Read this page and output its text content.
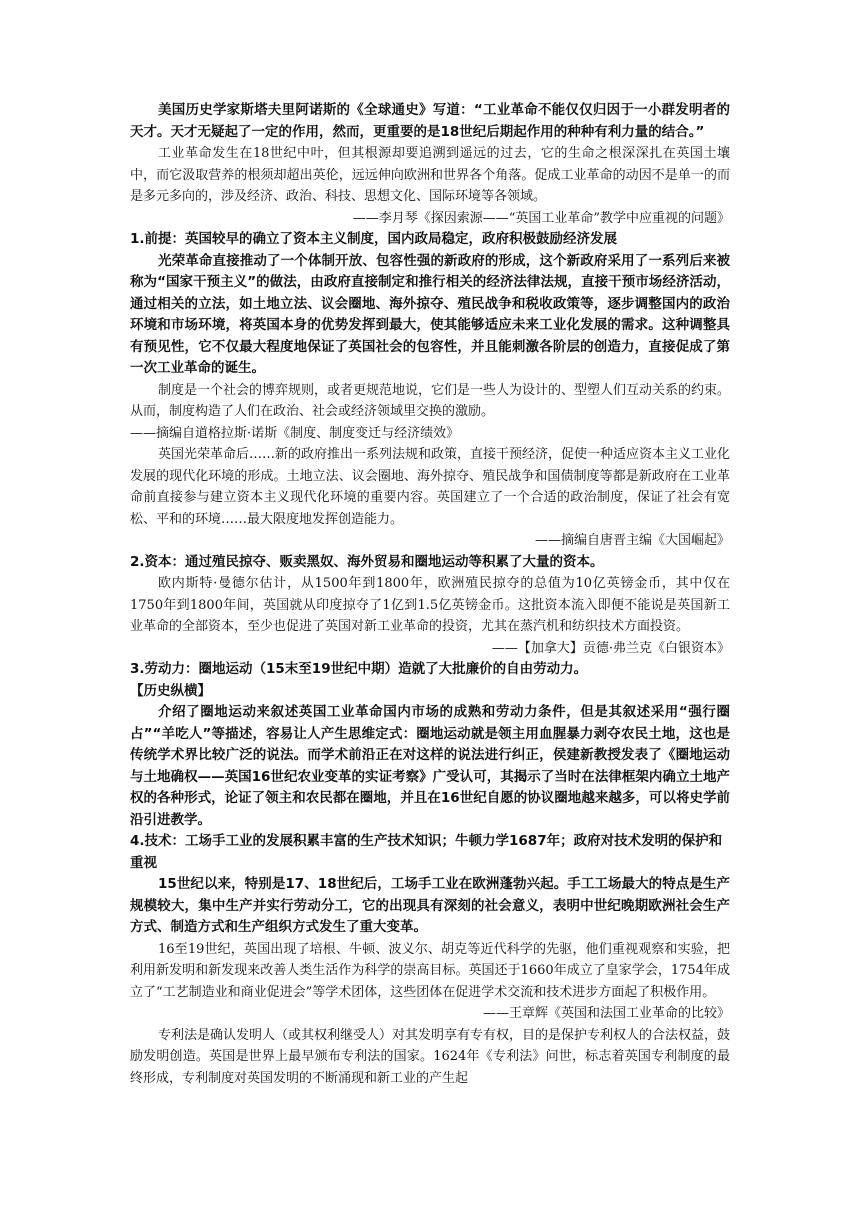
美国历史学家斯塔夫里阿诺斯的《全球通史》写道：“工业革命不能仅仅归因于一小群发明者的天才。天才无疑起了一定的作用，然而，更重要的是18世纪后期起作用的种种有利力量的结合。”

工业革命发生在18世纪中叶，但其根源却要追溯到遥远的过去，它的生命之根深深扎在英国土壤中，而它汲取营养的根须却超出英伦，远远伸向欧洲和世界各个角落。促成工业革命的动因不是单一的而是多元多向的，涉及经济、政治、科技、思想文化、国际环境等各领域。

——李月琴《探因索源——“英国工业革命”教学中应重视的问题》

1.前提：英国较早的确立了资本主义制度，国内政局稳定，政府积极鼓励经济发展

光荣革命直接推动了一个体制开放、包容性强的新政府的形成，这个新政府采用了一系列后来被称为“国家干预主义”的做法，由政府直接制定和推行相关的经济法律法规，直接干预市场经济活动，通过相关的立法，如土地立法、议会圈地、海外掠夺、殖民战争和税收政策等，逐步调整国内的政治环境和市场环境，将英国本身的优势发挥到最大，使其能够适应未来工业化发展的需求。这种调整具有预见性，它不仅最大程度地保证了英国社会的包容性，并且能刺激各阶层的创造力，直接促成了第一次工业革命的诞生。

制度是一个社会的博弈规则，或者更规范地说，它们是一些人为设计的、型塑人们互动关系的约束。从而，制度构造了人们在政治、社会或经济领域里交换的激励。

——摘编自道格拉斯·诺斯《制度、制度变迁与经济绩效》

英国光荣革命后……新的政府推出一系列法规和政策，直接干预经济，促使一种适应资本主义工业化发展的现代化环境的形成。土地立法、议会圈地、海外掠夺、殖民战争和国债制度等都是新政府在工业革命前直接参与建立资本主义现代化环境的重要内容。英国建立了一个合适的政治制度，保证了社会有宽松、平和的环境……最大限度地发挥创造能力。

——摘编自唐晋主编《大国崛起》

2.资本：通过殖民掠夺、贩卖黑奴、海外贸易和圈地运动等积累了大量的资本。

欧内斯特·曼德尔估计，从1500年到1800年，欧洲殖民掠夺的总值为10亿英镑金币，其中仅在1750年到1800年间，英国就从印度掠夺了1亿到1.5亿英镑金币。这批资本流入即便不能说是英国新工业革命的全部资本，至少也促进了英国对新工业革命的投资，尤其在蒸汽机和纺织技术方面投资。

——【加拿大】贡德·弗兰克《白银资本》

3.劳动力：圈地运动（15末至19世纪中期）造就了大批廉价的自由劳动力。

【历史纵横】

介绍了圈地运动来叙述英国工业革命国内市场的成熟和劳动力条件，但是其叙述采用“强行圈占”“羊吃人”等描述，容易让人产生思维定式：圈地运动就是领主用血腥暴力剥夺农民土地，这也是传统学术界比较广泛的说法。而学术前沿正在对这样的说法进行纠正，侯建新教授发表了《圈地运动与土地确权——英国16世纪农业变革的实证考察》广受认可，其揭示了当时在法律框架内确立土地产权的各种形式，论证了领主和农民都在圈地，并且在16世纪自愿的协议圈地越来越多，可以将史学前沿引进教学。

4.技术：工场手工业的发展积累丰富的生产技术知识；牛顿力学1687年；政府对技术发明的保护和重视

15世纪以来，特别是17、18世纪后，工场手工业在欧洲蓬勃兴起。手工工场最大的特点是生产规模较大，集中生产并实行劳动分工，它的出现具有深刻的社会意义，表明中世纪晚期欧洲社会生产方式、制造方式和生产组织方式发生了重大变革。

16至19世纪，英国出现了培根、牛顿、波义尔、胡克等近代科学的先驱，他们重视观察和实验，把利用新发明和新发现来改善人类生活作为科学的崇高目标。英国还于1660年成立了皇家学会，1754年成立了“工艺制造业和商业促进会”等学术团体，这些团体在促进学术交流和技术进步方面起了积极作用。

——王章辉《英国和法国工业革命的比较》

专利法是确认发明人（或其权利继受人）对其发明享有专有权，目的是保护专利权人的合法权益，鼓励发明创造。英国是世界上最早颁布专利法的国家。1624年《专利法》问世，标志着英国专利制度的最终形成，专利制度对英国发明的不断涌现和新工业的产生起
